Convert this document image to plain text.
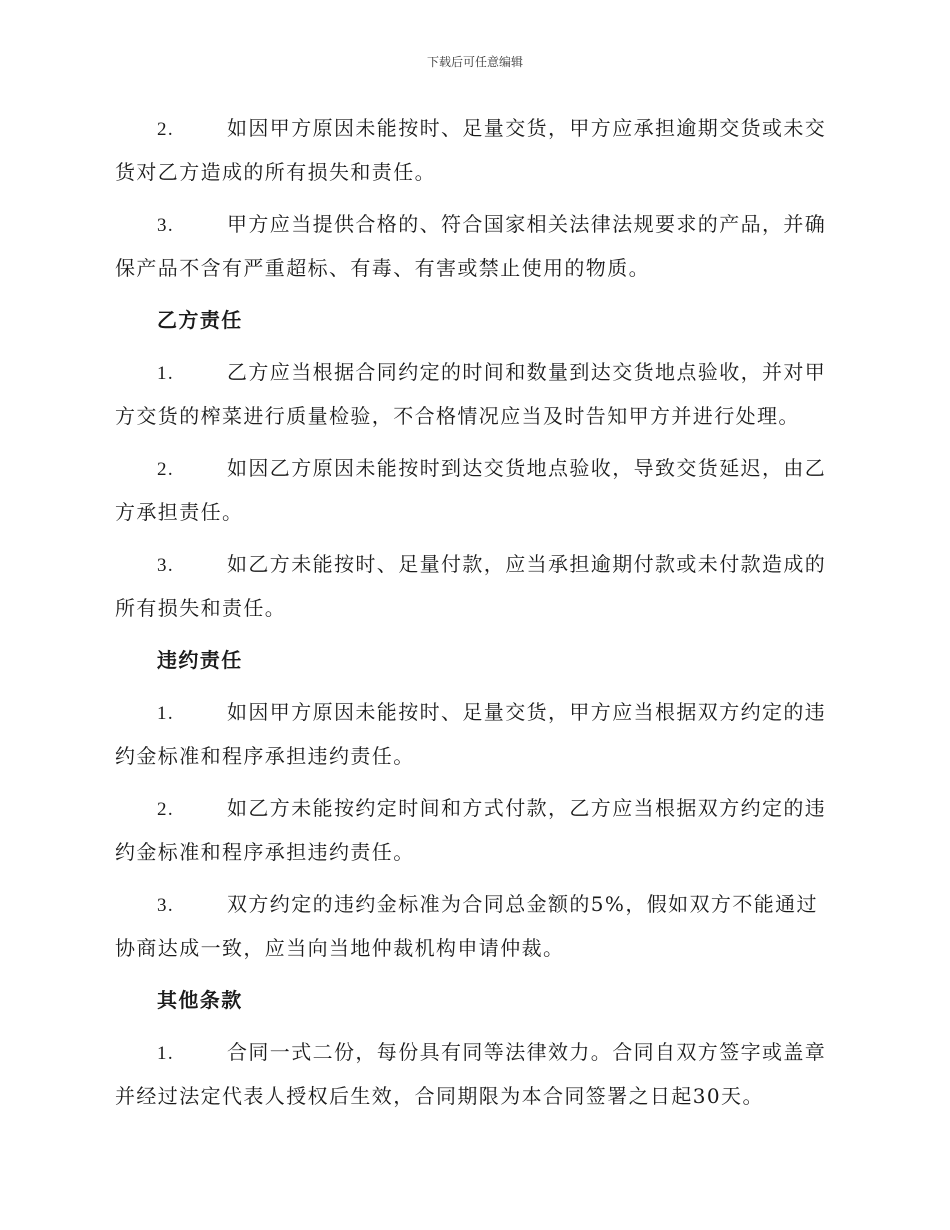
下载后可任意编辑

2.	如因甲方原因未能按时、足量交货，甲方应承担逾期交货或未交货对乙方造成的所有损失和责任。

3.	甲方应当提供合格的、符合国家相关法律法规要求的产品，并确保产品不含有严重超标、有毒、有害或禁止使用的物质。

乙方责任

1.	乙方应当根据合同约定的时间和数量到达交货地点验收，并对甲方交货的榨菜进行质量检验，不合格情况应当及时告知甲方并进行处理。

2.	如因乙方原因未能按时到达交货地点验收，导致交货延迟，由乙方承担责任。

3.	如乙方未能按时、足量付款，应当承担逾期付款或未付款造成的所有损失和责任。

违约责任

1.	如因甲方原因未能按时、足量交货，甲方应当根据双方约定的违约金标准和程序承担违约责任。

2.	如乙方未能按约定时间和方式付款，乙方应当根据双方约定的违约金标准和程序承担违约责任。

3.	双方约定的违约金标准为合同总金额的5%，假如双方不能通过协商达成一致，应当向当地仲裁机构申请仲裁。

其他条款

1.	合同一式二份，每份具有同等法律效力。合同自双方签字或盖章并经过法定代表人授权后生效，合同期限为本合同签署之日起30天。
